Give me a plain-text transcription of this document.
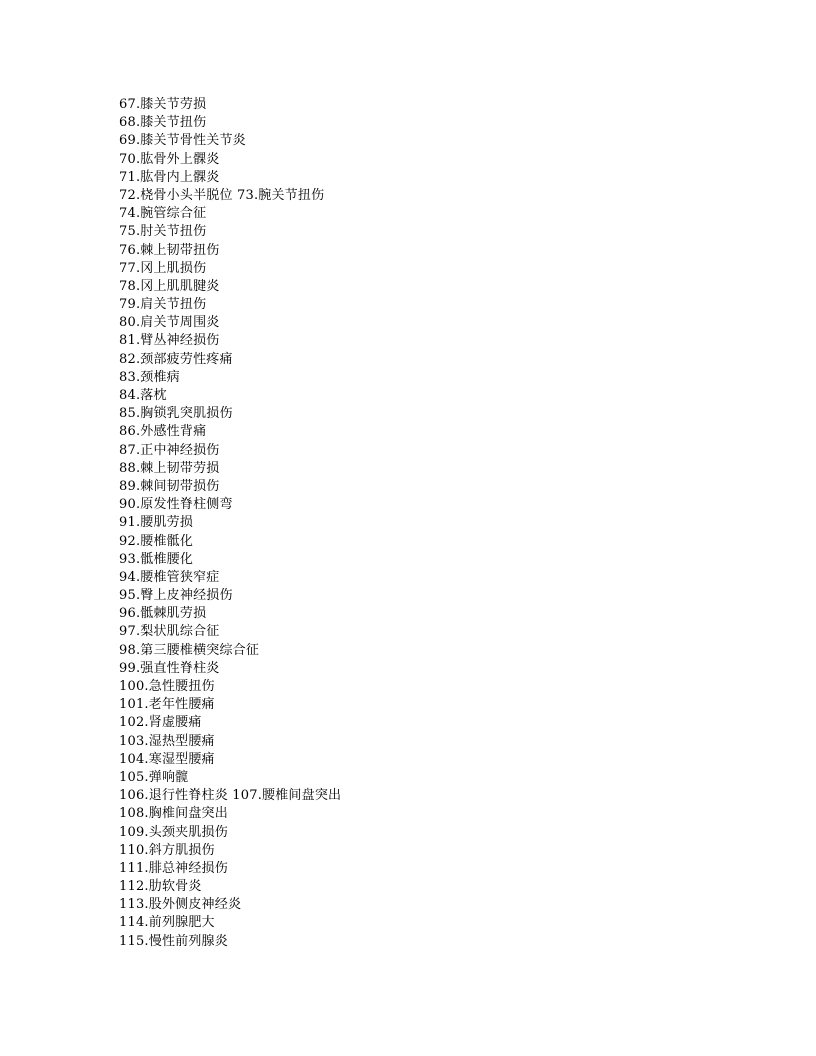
67.膝关节劳损
68.膝关节扭伤
69.膝关节骨性关节炎
70.肱骨外上髁炎
71.肱骨内上髁炎
72.桡骨小头半脱位 73.腕关节扭伤
74.腕管综合征
75.肘关节扭伤
76.棘上韧带扭伤
77.冈上肌损伤
78.冈上肌肌腱炎
79.肩关节扭伤
80.肩关节周围炎
81.臂丛神经损伤
82.颈部疲劳性疼痛
83.颈椎病
84.落枕
85.胸锁乳突肌损伤
86.外感性背痛
87.正中神经损伤
88.棘上韧带劳损
89.棘间韧带损伤
90.原发性脊柱侧弯
91.腰肌劳损
92.腰椎骶化
93.骶椎腰化
94.腰椎管狭窄症
95.臀上皮神经损伤
96.骶棘肌劳损
97.梨状肌综合征
98.第三腰椎横突综合征
99.强直性脊柱炎
100.急性腰扭伤
101.老年性腰痛
102.肾虚腰痛
103.湿热型腰痛
104.寒湿型腰痛
105.弹响髋
106.退行性脊柱炎 107.腰椎间盘突出
108.胸椎间盘突出
109.头颈夹肌损伤
110.斜方肌损伤
111.腓总神经损伤
112.肋软骨炎
113.股外侧皮神经炎
114.前列腺肥大
115.慢性前列腺炎
